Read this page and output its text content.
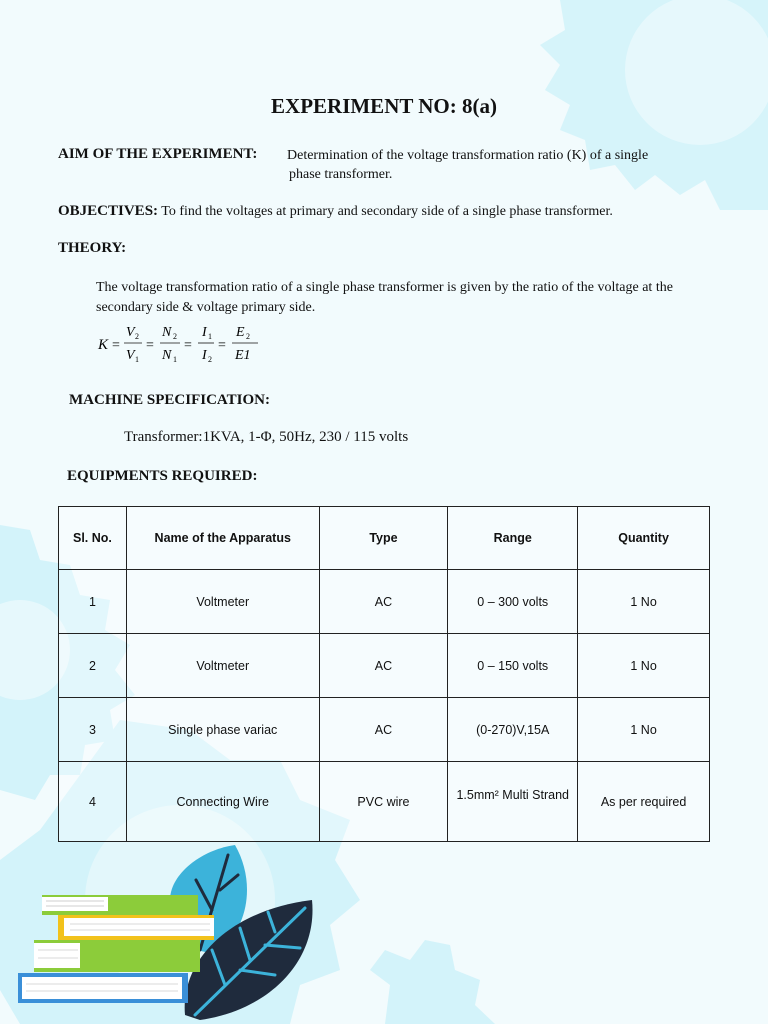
EXPERIMENT NO: 8(a)
AIM OF THE EXPERIMENT: Determination of the voltage transformation ratio (K) of a single
phase transformer.
OBJECTIVES: To find the voltages at primary and secondary side of a single phase transformer.
THEORY:
The voltage transformation ratio of a single phase transformer is given by the ratio of the voltage at the secondary side & voltage primary side.
K =
V 2
V 1
=
N 2
N 1
=
I 1
I 2
=
E 2
E1
MACHINE SPECIFICATION:
Transformer:1KVA, 1-Φ, 50Hz, 230 / 115 volts
EQUIPMENTS REQUIRED:
Sl. No.	Name of the Apparatus	Type	Range	Quantity
1	Voltmeter	AC	0 – 300 volts	1 No
2	Voltmeter	AC	0 – 150 volts	1 No
3	Single phase variac	AC	(0-270)V,15A	1 No
4	Connecting Wire	PVC wire	1.5mm² Multi Strand	As per required
